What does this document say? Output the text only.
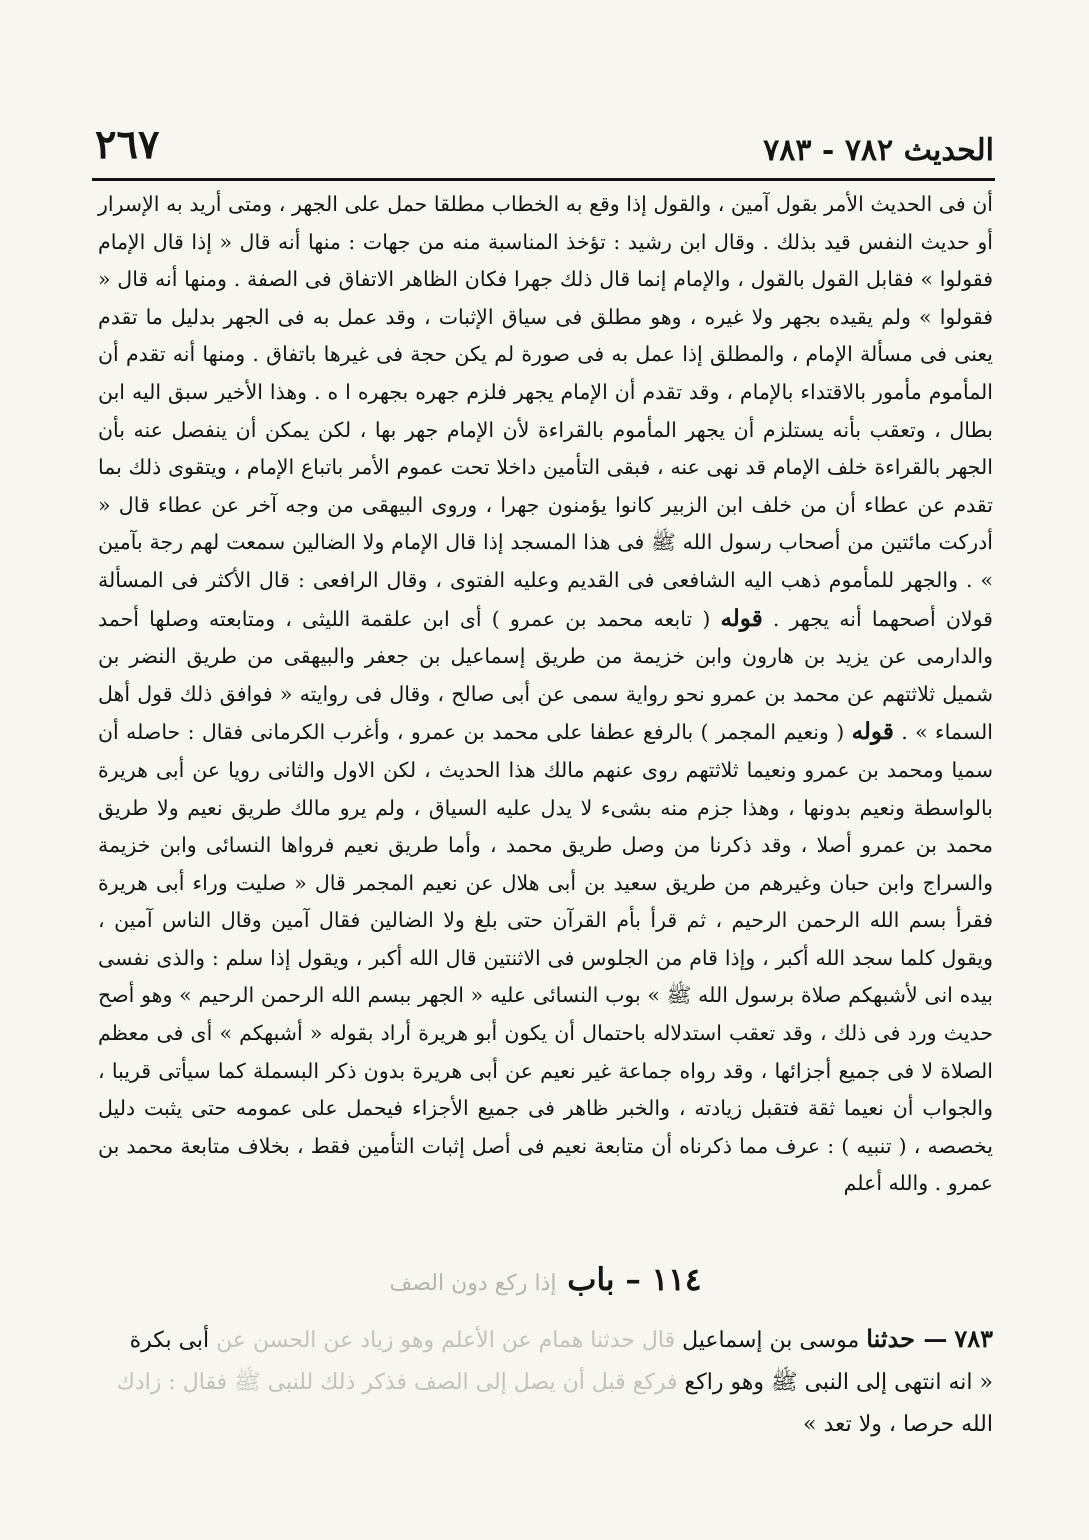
٢٦٧	الحديث ٧٨٢ - ٧٨٣

أن فى الحديث الأمر بقول آمين ، والقول إذا وقع به الخطاب مطلقا حمل على الجهر ، ومتى أريد به الإسرار أو حديث النفس قيد بذلك . وقال ابن رشيد : تؤخذ المناسبة منه من جهات : منها أنه قال « إذا قال الإمام فقولوا » فقابل القول بالقول ، والإمام إنما قال ذلك جهرا فكان الظاهر الاتفاق فى الصفة . ومنها أنه قال « فقولوا » ولم يقيده بجهر ولا غيره ، وهو مطلق فى سياق الإثبات ، وقد عمل به فى الجهر بدليل ما تقدم يعنى فى مسألة الإمام ، والمطلق إذا عمل به فى صورة لم يكن حجة فى غيرها باتفاق . ومنها أنه تقدم أن المأموم مأمور بالاقتداء بالإمام ، وقد تقدم أن الإمام يجهر فلزم جهره بجهره ا ه . وهذا الأخير سبق اليه ابن بطال ، وتعقب بأنه يستلزم أن يجهر المأموم بالقراءة لأن الإمام جهر بها ، لكن يمكن أن ينفصل عنه بأن الجهر بالقراءة خلف الإمام قد نهى عنه ، فبقى التأمين داخلا تحت عموم الأمر باتباع الإمام ، ويتقوى ذلك بما تقدم عن عطاء أن من خلف ابن الزبير كانوا يؤمنون جهرا ، وروى البيهقى من وجه آخر عن عطاء قال « أدركت مائتين من أصحاب رسول الله ﷺ فى هذا المسجد إذا قال الإمام ولا الضالين سمعت لهم رجة بآمين » . والجهر للمأموم ذهب اليه الشافعى فى القديم وعليه الفتوى ، وقال الرافعى : قال الأكثر فى المسألة قولان أصحهما أنه يجهر . قوله ( تابعه محمد بن عمرو ) أى ابن علقمة الليثى ، ومتابعته وصلها أحمد والدارمى عن يزيد بن هارون وابن خزيمة من طريق إسماعيل بن جعفر والبيهقى من طريق النضر بن شميل ثلاثتهم عن محمد بن عمرو نحو رواية سمى عن أبى صالح ، وقال فى روايته « فوافق ذلك قول أهل السماء » . قوله ( ونعيم المجمر ) بالرفع عطفا على محمد بن عمرو ، وأغرب الكرمانى فقال : حاصله أن سميا ومحمد بن عمرو ونعيما ثلاثتهم روى عنهم مالك هذا الحديث ، لكن الاول والثانى رويا عن أبى هريرة بالواسطة ونعيم بدونها ، وهذا جزم منه بشىء لا يدل عليه السياق ، ولم يرو مالك طريق نعيم ولا طريق محمد بن عمرو أصلا ، وقد ذكرنا من وصل طريق محمد ، وأما طريق نعيم فرواها النسائى وابن خزيمة والسراج وابن حبان وغيرهم من طريق سعيد بن أبى هلال عن نعيم المجمر قال « صليت وراء أبى هريرة فقرأ بسم الله الرحمن الرحيم ، ثم قرأ بأم القرآن حتى بلغ ولا الضالين فقال آمين وقال الناس آمين ، ويقول كلما سجد الله أكبر ، وإذا قام من الجلوس فى الاثنتين قال الله أكبر ، ويقول إذا سلم : والذى نفسى بيده انى لأشبهكم صلاة برسول الله ﷺ » بوب النسائى عليه « الجهر ببسم الله الرحمن الرحيم » وهو أصح حديث ورد فى ذلك ، وقد تعقب استدلاله باحتمال أن يكون أبو هريرة أراد بقوله « أشبهكم » أى فى معظم الصلاة لا فى جميع أجزائها ، وقد رواه جماعة غير نعيم عن أبى هريرة بدون ذكر البسملة كما سيأتى قريبا ، والجواب أن نعيما ثقة فتقبل زيادته ، والخبر ظاهر فى جميع الأجزاء فيحمل على عمومه حتى يثبت دليل يخصصه ، ( تنبيه ) : عرف مما ذكرناه أن متابعة نعيم فى أصل إثبات التأمين فقط ، بخلاف متابعة محمد بن عمرو . والله أعلم

١١٤ – باب إذا ركع دون الصف

٧٨٣ — حدثنا موسى بن إسماعيل قال حدثنا همام عن الأعلم وهو زياد عن الحسن عن أبى بكرة

« انه انتهى إلى النبى ﷺ وهو راكع فركع قبل أن يصل إلى الصف فذكر ذلك للنبى ﷺ فقال : زادك

الله حرصا ، ولا تعد »
